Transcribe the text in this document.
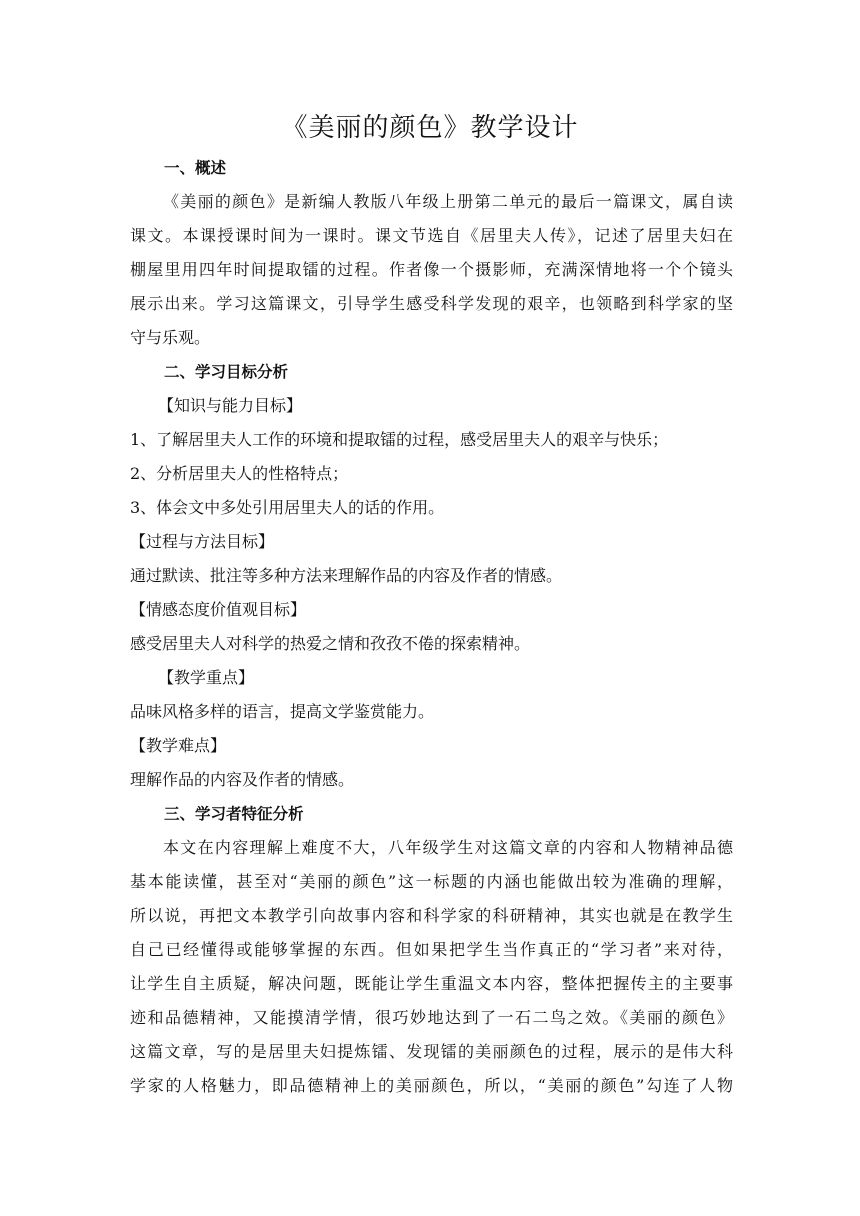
《美丽的颜色》教学设计
一、概述
《美丽的颜色》是新编人教版八年级上册第二单元的最后一篇课文，属自读
课文。本课授课时间为一课时。课文节选自《居里夫人传》，记述了居里夫妇在
棚屋里用四年时间提取镭的过程。作者像一个摄影师，充满深情地将一个个镜头
展示出来。学习这篇课文，引导学生感受科学发现的艰辛，也领略到科学家的坚
守与乐观。
二、学习目标分析
【知识与能力目标】
1、了解居里夫人工作的环境和提取镭的过程，感受居里夫人的艰辛与快乐；
2、分析居里夫人的性格特点；
3、体会文中多处引用居里夫人的话的作用。
【过程与方法目标】
通过默读、批注等多种方法来理解作品的内容及作者的情感。
【情感态度价值观目标】
感受居里夫人对科学的热爱之情和孜孜不倦的探索精神。
【教学重点】
品味风格多样的语言，提高文学鉴赏能力。
【教学难点】
理解作品的内容及作者的情感。
三、学习者特征分析
本文在内容理解上难度不大，八年级学生对这篇文章的内容和人物精神品德
基本能读懂，甚至对“美丽的颜色”这一标题的内涵也能做出较为准确的理解，
所以说，再把文本教学引向故事内容和科学家的科研精神，其实也就是在教学生
自己已经懂得或能够掌握的东西。但如果把学生当作真正的“学习者”来对待，
让学生自主质疑，解决问题，既能让学生重温文本内容，整体把握传主的主要事
迹和品德精神，又能摸清学情，很巧妙地达到了一石二鸟之效。《美丽的颜色》
这篇文章，写的是居里夫妇提炼镭、发现镭的美丽颜色的过程，展示的是伟大科
学家的人格魅力，即品德精神上的美丽颜色，所以，“美丽的颜色”勾连了人物
